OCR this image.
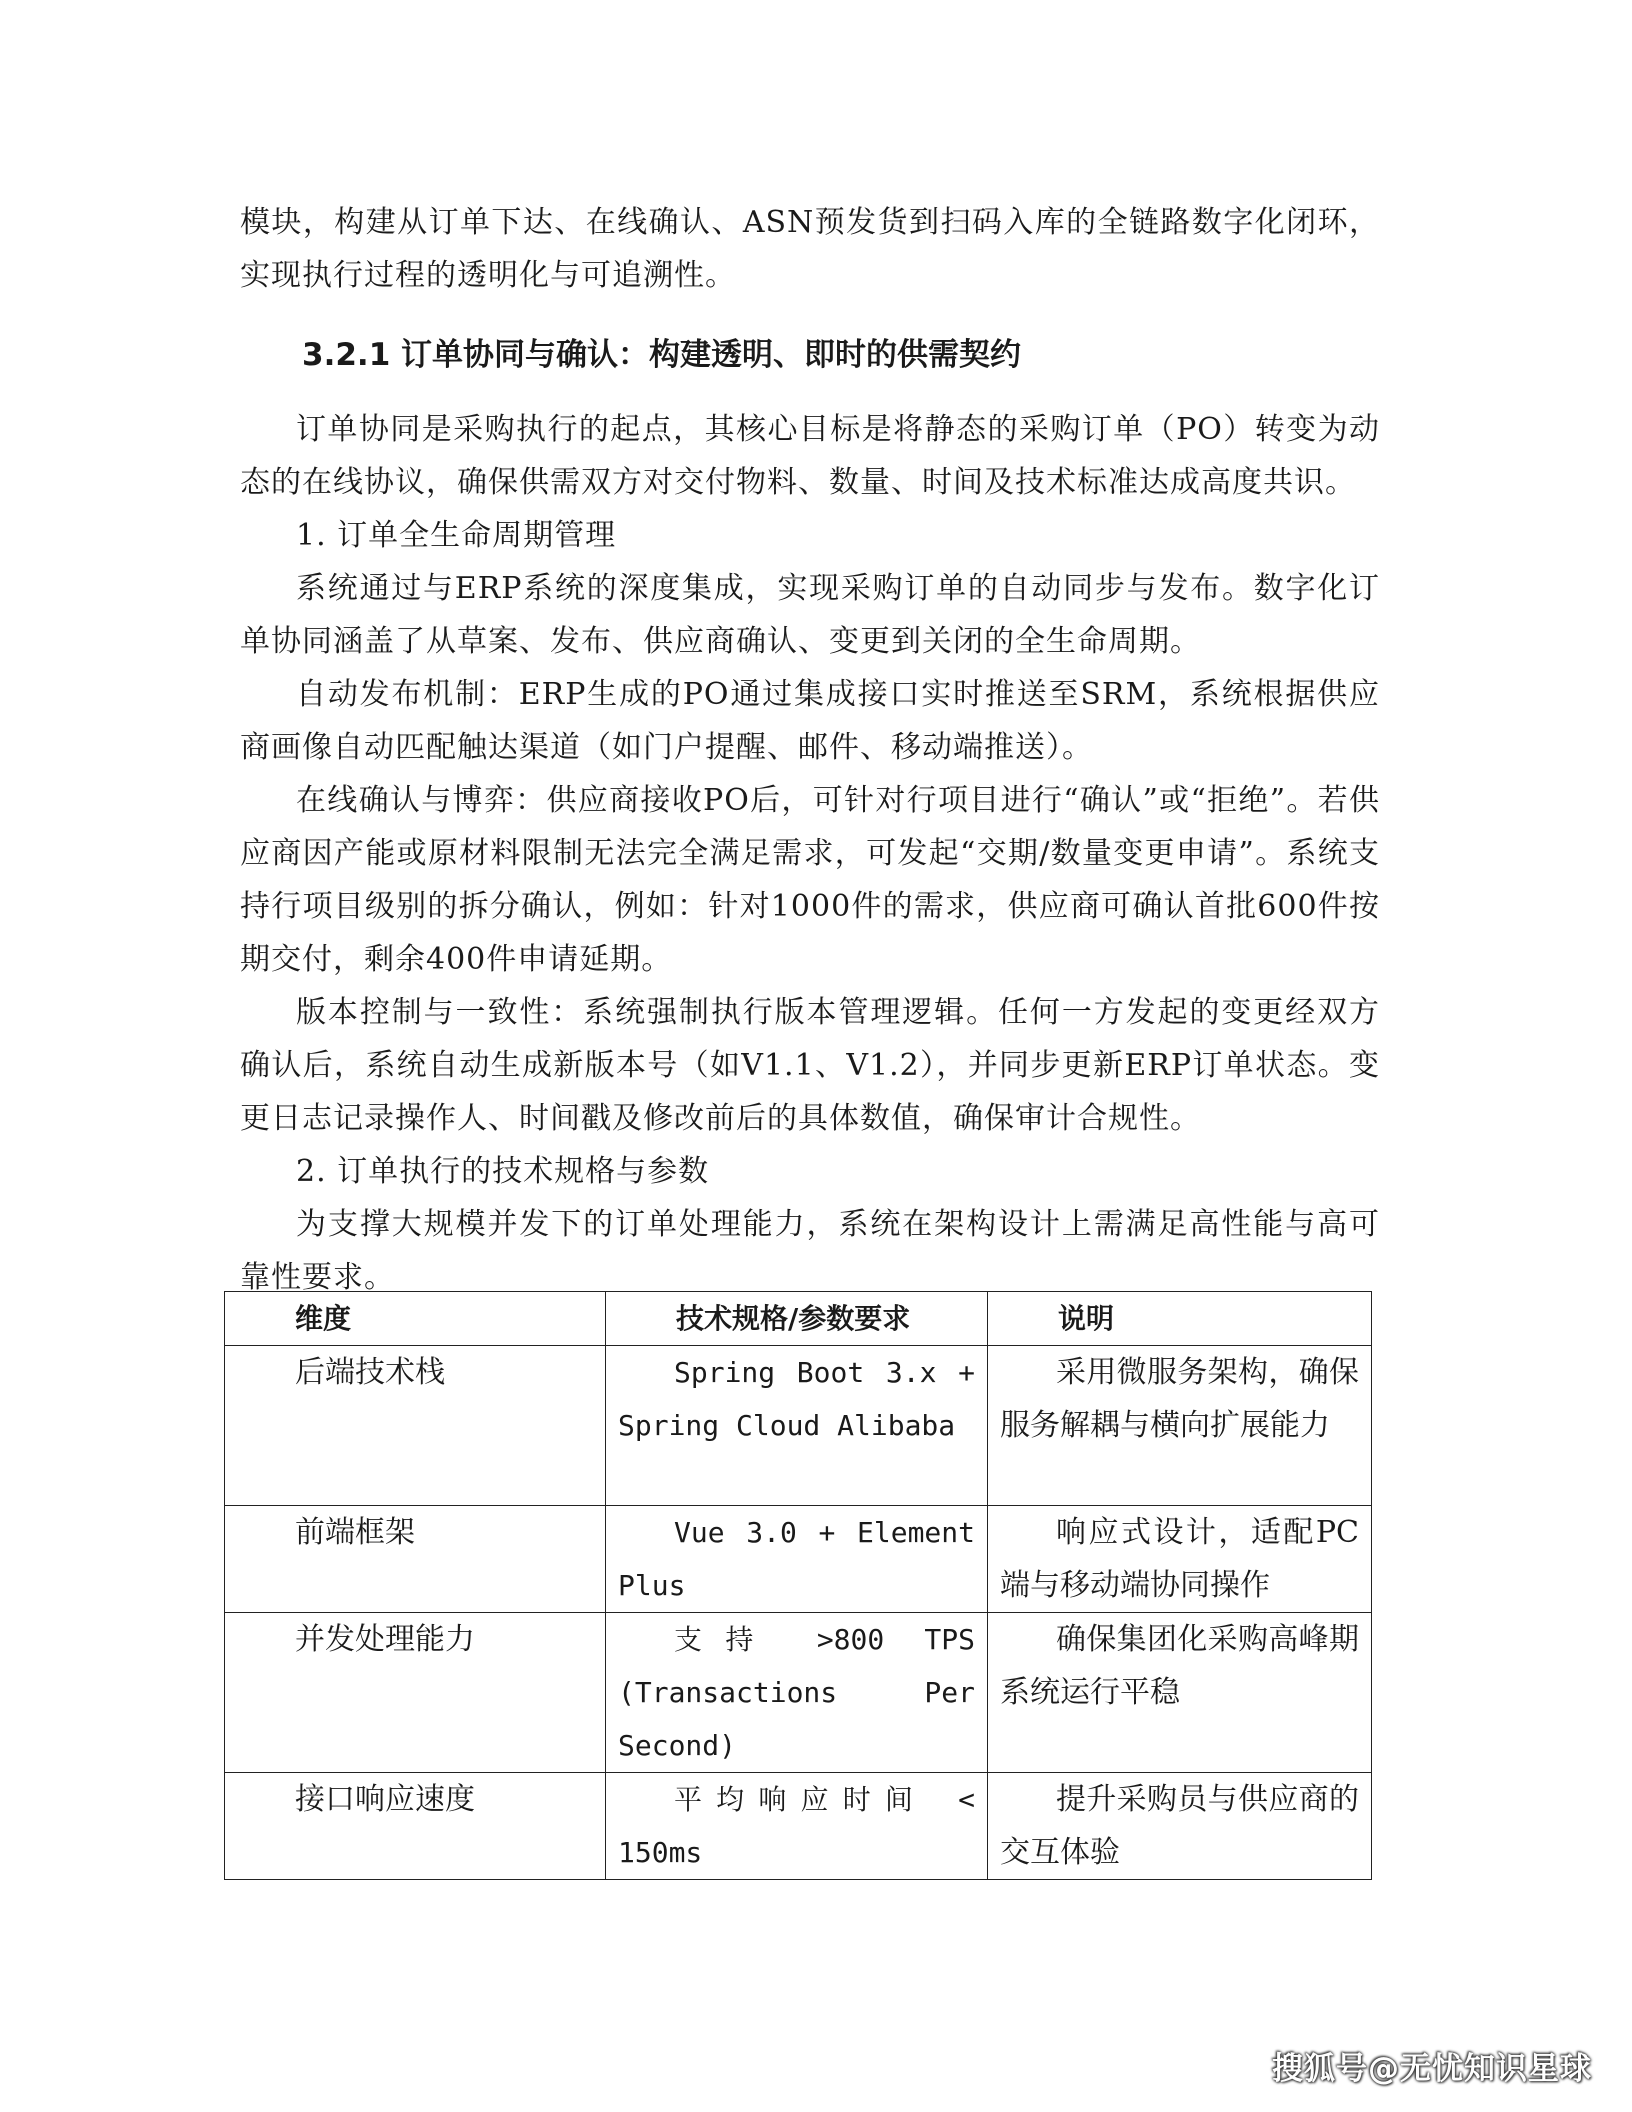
模块，构建从订单下达、在线确认、ASN预发货到扫码入库的全链路数字化闭环，实现执行过程的透明化与可追溯性。

3.2.1 订单协同与确认：构建透明、即时的供需契约

订单协同是采购执行的起点，其核心目标是将静态的采购订单（PO）转变为动态的在线协议，确保供需双方对交付物料、数量、时间及技术标准达成高度共识。

1. 订单全生命周期管理

系统通过与ERP系统的深度集成，实现采购订单的自动同步与发布。数字化订单协同涵盖了从草案、发布、供应商确认、变更到关闭的全生命周期。

自动发布机制：ERP生成的PO通过集成接口实时推送至SRM，系统根据供应商画像自动匹配触达渠道（如门户提醒、邮件、移动端推送）。

在线确认与博弈：供应商接收PO后，可针对行项目进行“确认”或“拒绝”。若供应商因产能或原材料限制无法完全满足需求，可发起“交期/数量变更申请”。系统支持行项目级别的拆分确认，例如：针对1000件的需求，供应商可确认首批600件按期交付，剩余400件申请延期。

版本控制与一致性：系统强制执行版本管理逻辑。任何一方发起的变更经双方确认后，系统自动生成新版本号（如V1.1、V1.2），并同步更新ERP订单状态。变更日志记录操作人、时间戳及修改前后的具体数值，确保审计合规性。

2. 订单执行的技术规格与参数

为支撑大规模并发下的订单处理能力，系统在架构设计上需满足高性能与高可靠性要求。

维度	技术规格/参数要求	说明
后端技术栈	Spring Boot 3.x + Spring Cloud Alibaba	采用微服务架构，确保服务解耦与横向扩展能力
前端框架	Vue 3.0 + Element Plus	响应式设计，适配PC端与移动端协同操作
并发处理能力	支持 >800 TPS (Transactions Per Second)	确保集团化采购高峰期系统运行平稳
接口响应速度	平均响应时间 < 150ms	提升采购员与供应商的交互体验
搜狐号@无忧知识星球
